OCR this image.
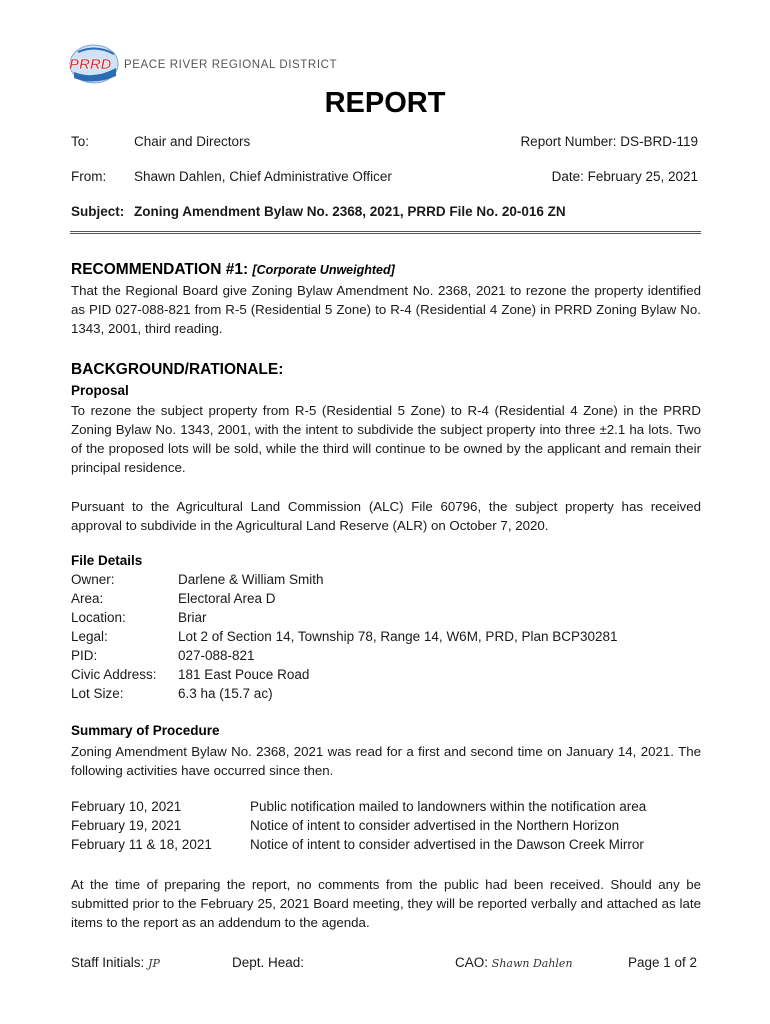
PRRD PEACE RIVER REGIONAL DISTRICT
REPORT
To:	Chair and Directors	Report Number: DS-BRD-119
From: Shawn Dahlen, Chief Administrative Officer	Date: February 25, 2021
Subject: Zoning Amendment Bylaw No. 2368, 2021, PRRD File No. 20-016 ZN
RECOMMENDATION #1: [Corporate Unweighted]
That the Regional Board give Zoning Bylaw Amendment No. 2368, 2021 to rezone the property identified as PID 027-088-821 from R-5 (Residential 5 Zone) to R-4 (Residential 4 Zone) in PRRD Zoning Bylaw No. 1343, 2001, third reading.
BACKGROUND/RATIONALE:
Proposal
To rezone the subject property from R-5 (Residential 5 Zone) to R-4 (Residential 4 Zone) in the PRRD Zoning Bylaw No. 1343, 2001, with the intent to subdivide the subject property into three ±2.1 ha lots. Two of the proposed lots will be sold, while the third will continue to be owned by the applicant and remain their principal residence.
Pursuant to the Agricultural Land Commission (ALC) File 60796, the subject property has received approval to subdivide in the Agricultural Land Reserve (ALR) on October 7, 2020.
File Details
Owner:	Darlene & William Smith
Area:	Electoral Area D
Location:	Briar
Legal:	Lot 2 of Section 14, Township 78, Range 14, W6M, PRD, Plan BCP30281
PID:	027-088-821
Civic Address: 181 East Pouce Road
Lot Size:	6.3 ha (15.7 ac)
Summary of Procedure
Zoning Amendment Bylaw No. 2368, 2021 was read for a first and second time on January 14, 2021. The following activities have occurred since then.
February 10, 2021	Public notification mailed to landowners within the notification area
February 19, 2021	Notice of intent to consider advertised in the Northern Horizon
February 11 & 18, 2021	Notice of intent to consider advertised in the Dawson Creek Mirror
At the time of preparing the report, no comments from the public had been received. Should any be submitted prior to the February 25, 2021 Board meeting, they will be reported verbally and attached as late items to the report as an addendum to the agenda.
Staff Initials: JP	Dept. Head:	CAO: Shawn Dahlen	Page 1 of 2
